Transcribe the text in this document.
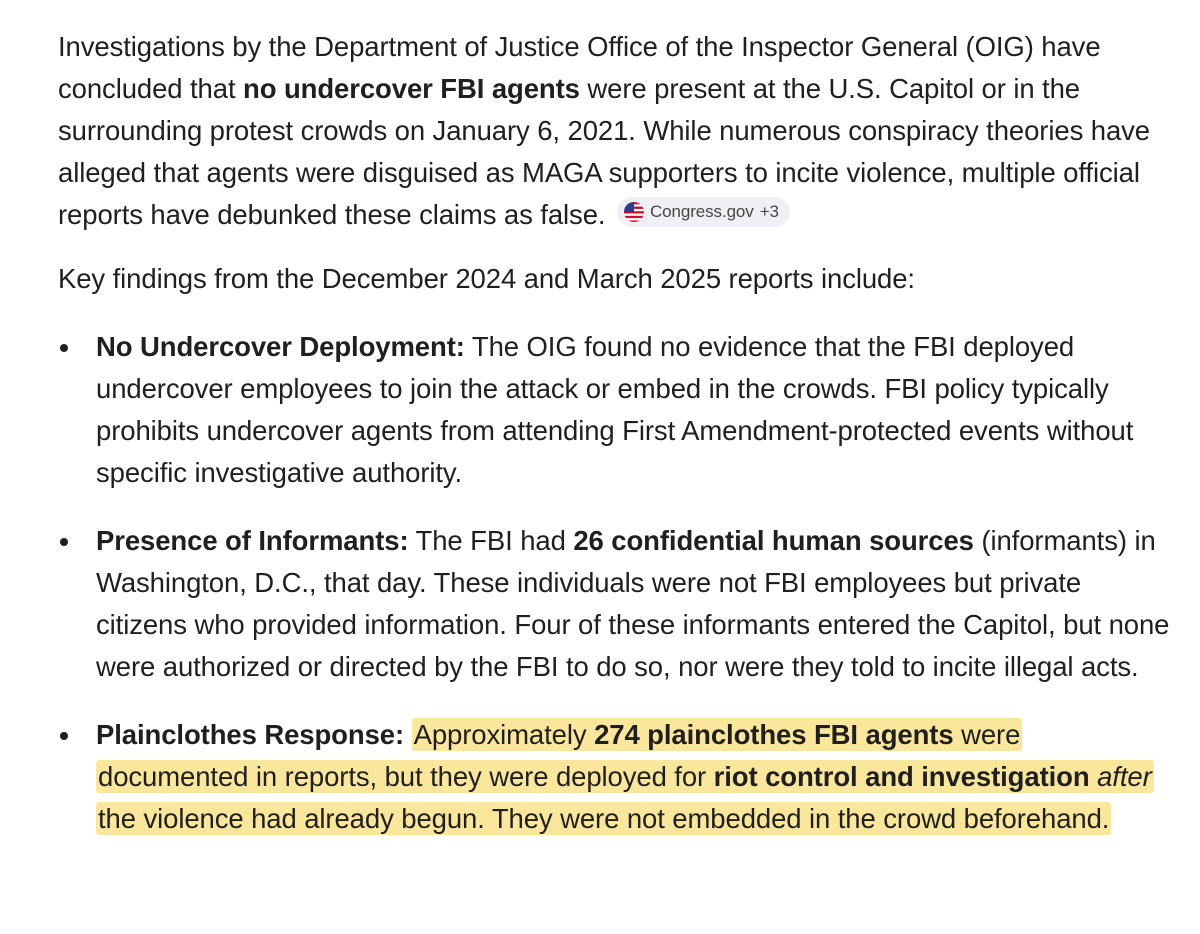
Investigations by the Department of Justice Office of the Inspector General (OIG) have concluded that no undercover FBI agents were present at the U.S. Capitol or in the surrounding protest crowds on January 6, 2021. While numerous conspiracy theories have alleged that agents were disguised as MAGA supporters to incite violence, multiple official reports have debunked these claims as false. Congress.gov +3

Key findings from the December 2024 and March 2025 reports include:

No Undercover Deployment: The OIG found no evidence that the FBI deployed undercover employees to join the attack or embed in the crowds. FBI policy typically prohibits undercover agents from attending First Amendment-protected events without specific investigative authority.
Presence of Informants: The FBI had 26 confidential human sources (informants) in Washington, D.C., that day. These individuals were not FBI employees but private citizens who provided information. Four of these informants entered the Capitol, but none were authorized or directed by the FBI to do so, nor were they told to incite illegal acts.
Plainclothes Response: Approximately 274 plainclothes FBI agents were documented in reports, but they were deployed for riot control and investigation after the violence had already begun. They were not embedded in the crowd beforehand.
